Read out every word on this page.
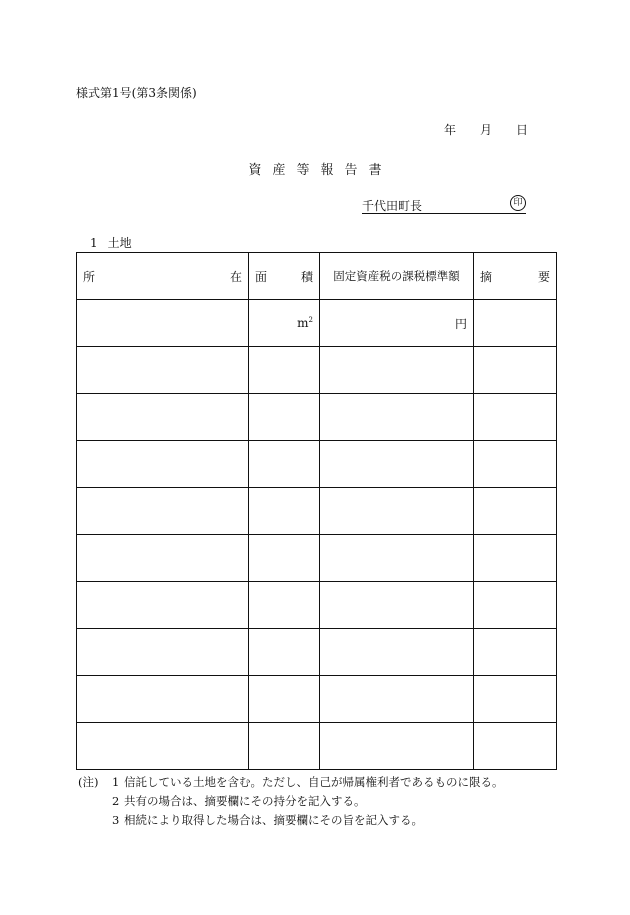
様式第1号(第3条関係)
年 月 日
資産等報告書
千代田町長	印
1 土地
所 在	面 積	固定資産税の課税標準額	摘 要

	$m^2$	円	

(注)	1 信託している土地を含む。ただし、自己が帰属権利者であるものに限る。
2 共有の場合は、摘要欄にその持分を記入する。
3 相続により取得した場合は、摘要欄にその旨を記入する。
